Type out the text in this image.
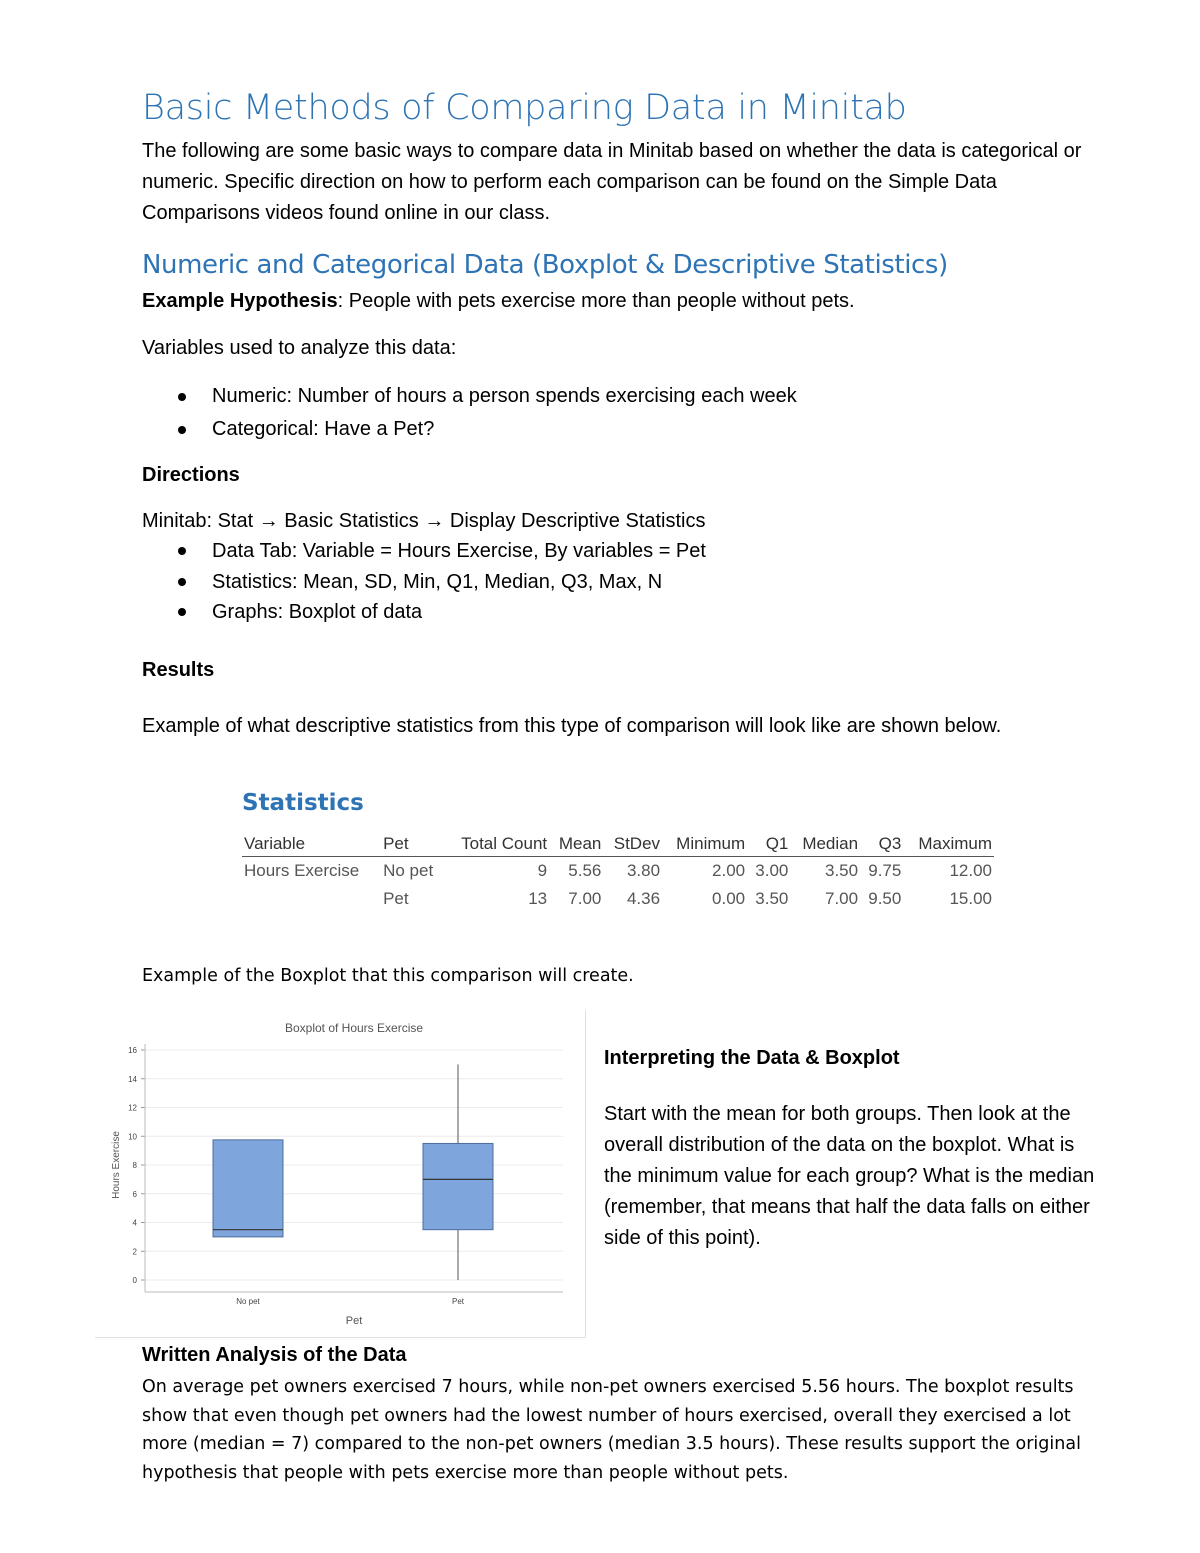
Basic Methods of Comparing Data in Minitab
The following are some basic ways to compare data in Minitab based on whether the data is categorical or numeric. Specific direction on how to perform each comparison can be found on the Simple Data Comparisons videos found online in our class.
Numeric and Categorical Data (Boxplot & Descriptive Statistics)
Example Hypothesis: People with pets exercise more than people without pets.
Variables used to analyze this data:
Numeric: Number of hours a person spends exercising each week
Categorical: Have a Pet?
Directions
Minitab: Stat → Basic Statistics → Display Descriptive Statistics
Data Tab: Variable = Hours Exercise, By variables = Pet
Statistics: Mean, SD, Min, Q1, Median, Q3, Max, N
Graphs: Boxplot of data
Results
Example of what descriptive statistics from this type of comparison will look like are shown below.
Statistics
Variable	Pet	Total Count	Mean	StDev	Minimum	Q1	Median	Q3	Maximum
Hours Exercise	No pet	9	5.56	3.80	2.00	3.00	3.50	9.75	12.00
	Pet	13	7.00	4.36	0.00	3.50	7.00	9.50	15.00
Example of the Boxplot that this comparison will create.
Boxplot of Hours Exercise
0
2
4
6
8
10
12
14
16
Hours Exercise
Pet
No pet	Pet

Interpreting the Data & Boxplot

Start with the mean for both groups. Then look at the overall distribution of the data on the boxplot. What is the minimum value for each group? What is the median (remember, that means that half the data falls on either side of this point).

Written Analysis of the Data
On average pet owners exercised 7 hours, while non-pet owners exercised 5.56 hours. The boxplot results show that even though pet owners had the lowest number of hours exercised, overall they exercised a lot more (median = 7) compared to the non-pet owners (median 3.5 hours). These results support the original hypothesis that people with pets exercise more than people without pets.
